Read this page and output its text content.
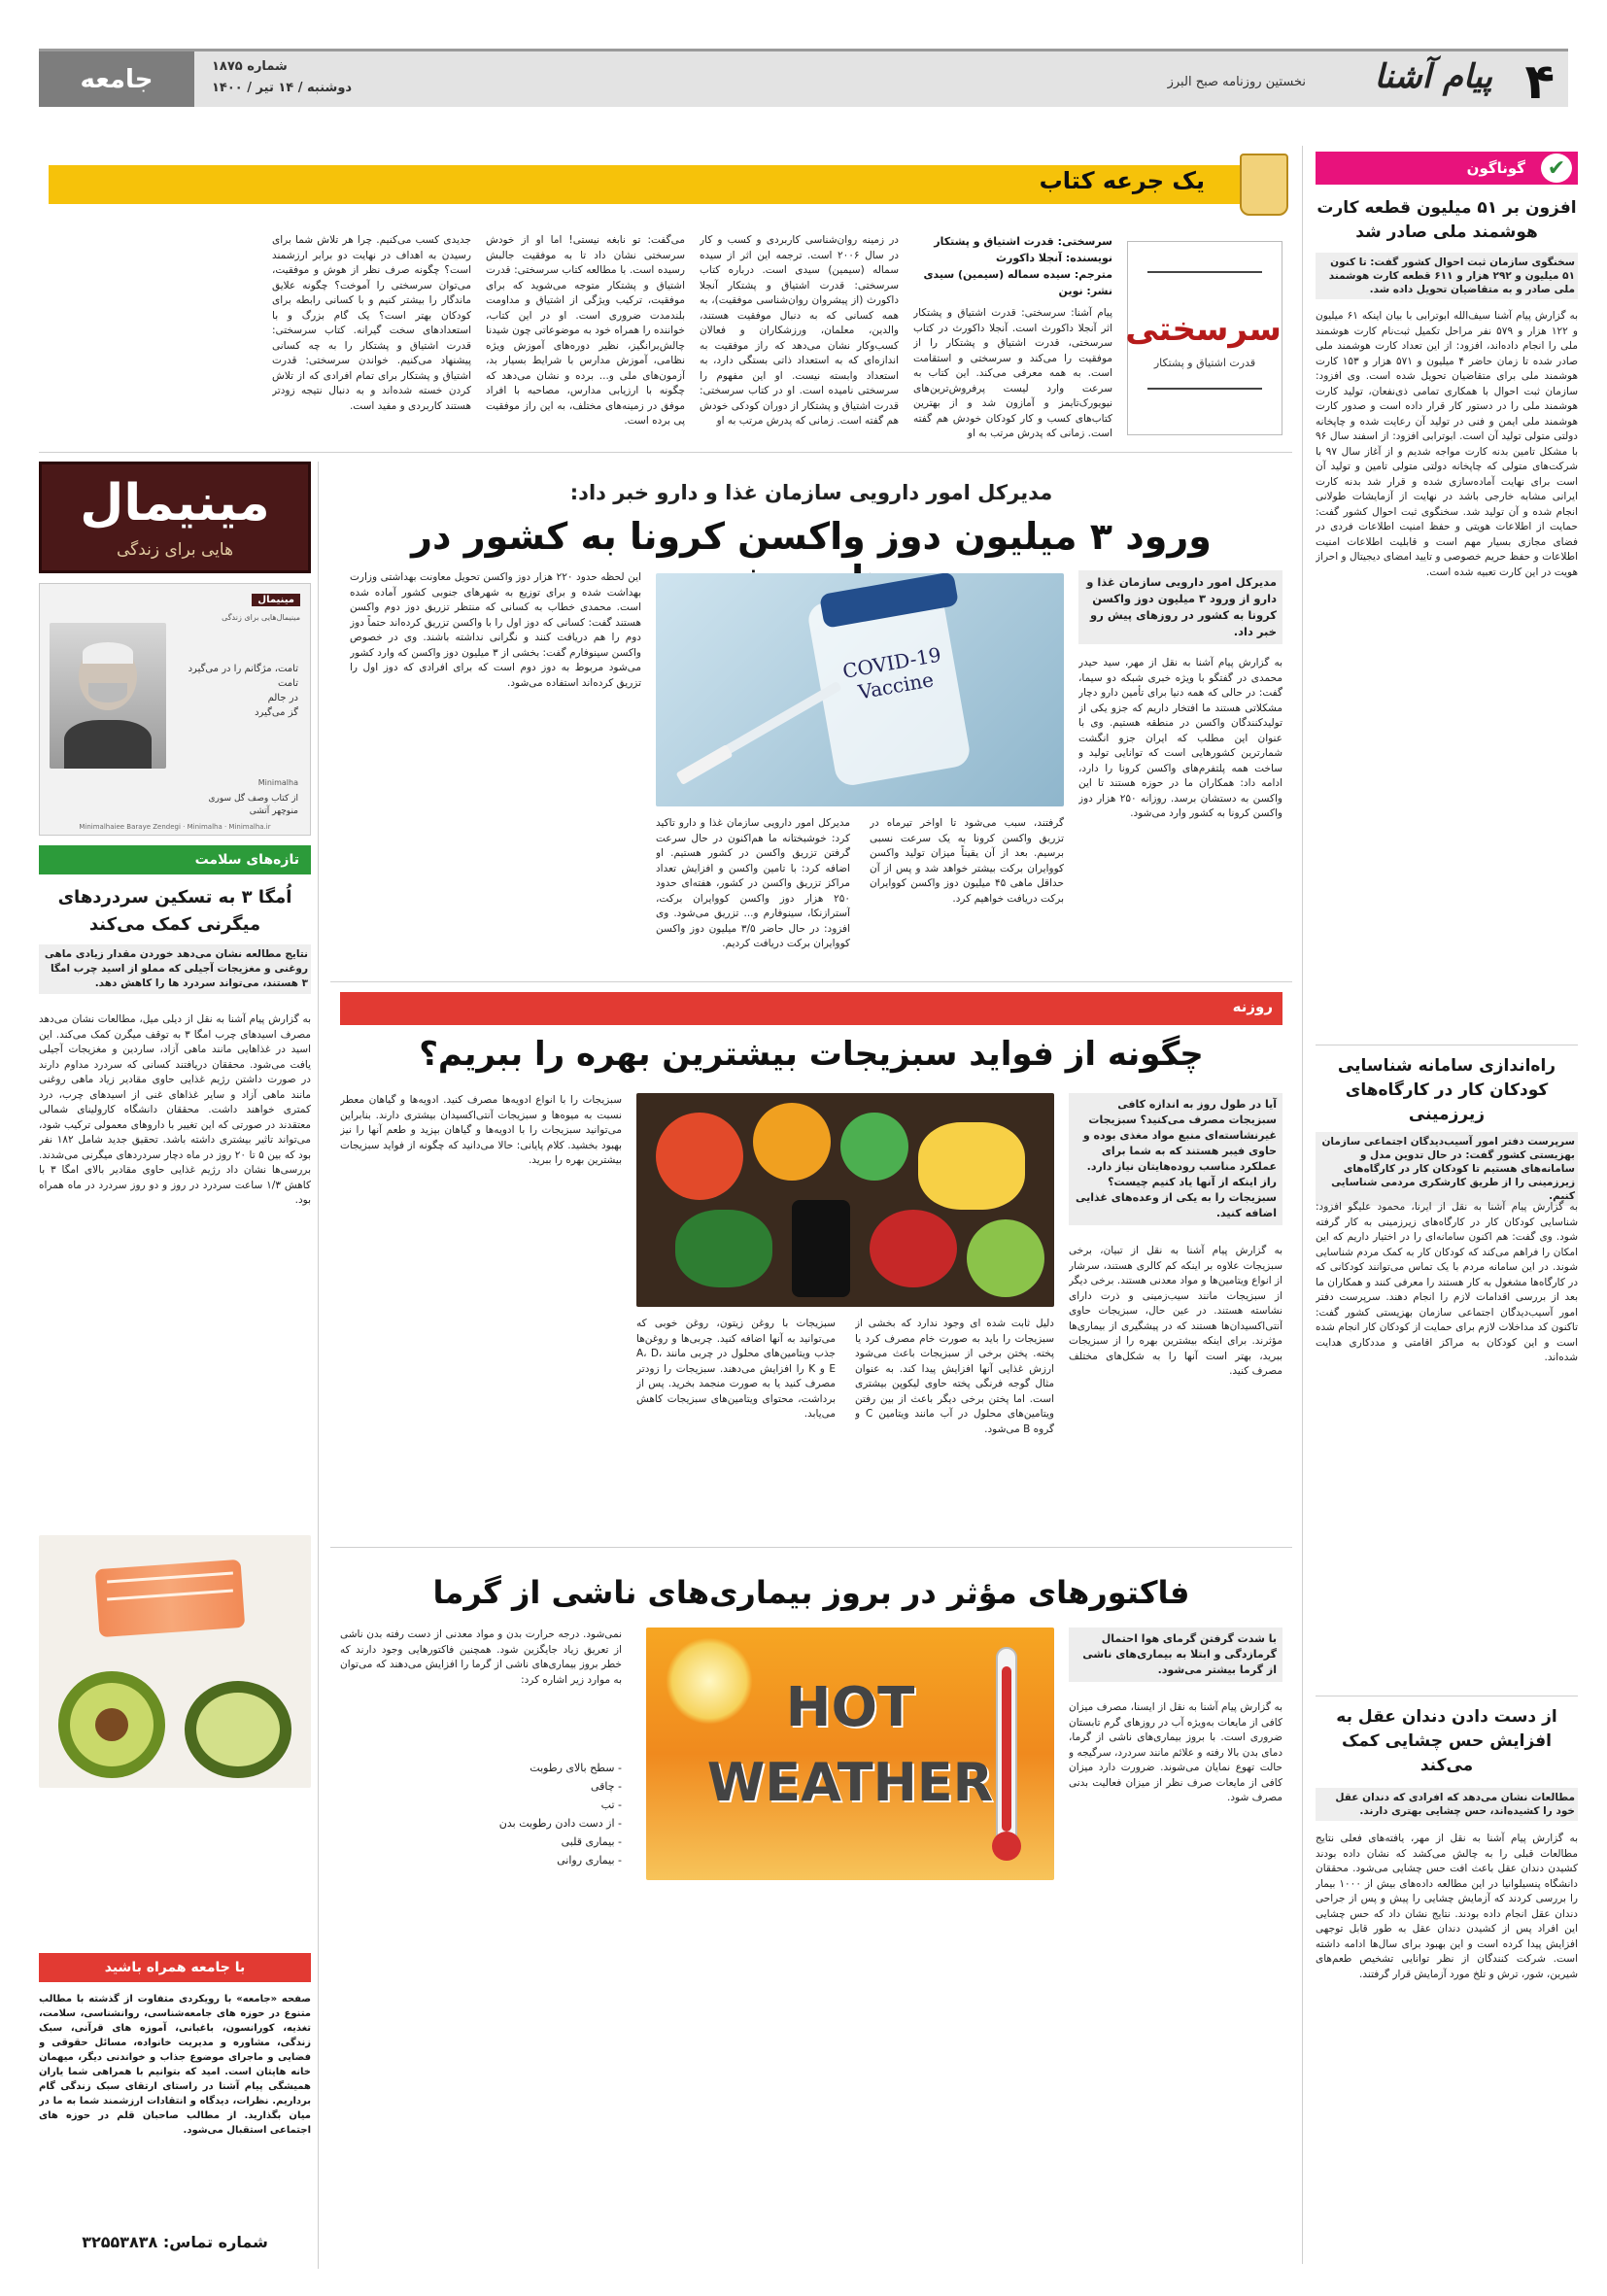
۴
پیام آشنا
نخستین روزنامه صبح البرز
شماره ۱۸۷۵
دوشنبه / ۱۴ تیر / ۱۴۰۰
جامعه
گوناگون	✔
افزون بر ۵۱ میلیون قطعه کارت هوشمند ملی صادر شد
سخنگوی سازمان ثبت احوال کشور گفت: تا کنون ۵۱ میلیون و ۲۹۲ هزار و ۶۱۱ قطعه کارت هوشمند ملی صادر و به متقاضیان تحویل داده شد.
به گزارش پیام آشنا سیف‌الله ابوترابی با بیان اینکه ۶۱ میلیون و ۱۲۲ هزار و ۵۷۹ نفر مراحل تکمیل ثبت‌نام کارت هوشمند ملی را انجام داده‌اند، افزود: از این تعداد کارت هوشمند ملی صادر شده تا زمان حاضر ۴ میلیون و ۵۷۱ هزار و ۱۵۳ کارت هوشمند ملی برای متقاضیان تحویل شده است. وی افزود: سازمان ثبت احوال با همکاری تمامی ذی‌نفعان، تولید کارت هوشمند ملی را در دستور کار قرار داده است و صدور کارت هوشمند ملی ایمن و فنی در تولید آن رعایت شده و چاپخانه دولتی متولی تولید آن است. ابوترابی افزود: از اسفند سال ۹۶ با مشکل تامین بدنه کارت مواجه شدیم و از آغاز سال ۹۷ با شرکت‌های متولی که چاپخانه دولتی متولی تامین و تولید آن است برای نهایت آماده‌سازی شده و قرار شد بدنه کارت ایرانی مشابه خارجی باشد در نهایت از آزمایشات طولانی انجام شده و آن تولید شد. سخنگوی ثبت احوال کشور گفت: حمایت از اطلاعات هویتی و حفظ امنیت اطلاعات فردی در فضای مجازی بسیار مهم است و قابلیت اطلاعات امنیت اطلاعات و حفظ حریم خصوصی و تایید امضای دیجیتال و احراز هویت در این کارت تعبیه شده است.
راه‌اندازی سامانه شناسایی کودکان کار در کارگاه‌های زیرزمینی
سرپرست دفتر امور آسیب‌دیدگان اجتماعی سازمان بهزیستی کشور گفت: در حال تدوین مدل و سامانه‌های هستیم تا کودکان کار در کارگاه‌های زیرزمینی را از طریق کارشکری مردمی شناسایی کنیم.
به گزارش پیام آشنا به نقل از ایرنا، محمود علیگو افزود: شناسایی کودکان کار در کارگاه‌های زیرزمینی به کار گرفته شود. وی گفت: هم اکنون سامانه‌ای را در اختیار داریم که این امکان را فراهم می‌کند که کودکان کار به کمک مردم شناسایی شوند. در این سامانه مردم با یک تماس می‌توانند کودکانی که در کارگاه‌ها مشغول به کار هستند را معرفی کنند و همکاران ما بعد از بررسی اقدامات لازم را انجام دهند. سرپرست دفتر امور آسیب‌دیدگان اجتماعی سازمان بهزیستی کشور گفت: تاکنون کد مداخلات لازم برای حمایت از کودکان کار انجام شده است و این کودکان به مراکز اقامتی و مددکاری هدایت شده‌اند.
از دست دادن دندان عقل به افزایش حس چشایی کمک می‌کند
مطالعات نشان می‌دهد که افرادی که دندان عقل خود را کشیده‌اند، حس چشایی بهتری دارند.
به گزارش پیام آشنا به نقل از مهر، یافته‌های فعلی نتایج مطالعات قبلی را به چالش می‌کشد که نشان داده بودند کشیدن دندان عقل باعث افت حس چشایی می‌شود. محققان دانشگاه پنسیلوانیا در این مطالعه داده‌های بیش از ۱۰۰۰ بیمار را بررسی کردند که آزمایش چشایی را پیش و پس از جراحی دندان عقل انجام داده بودند. نتایج نشان داد که حس چشایی این افراد پس از کشیدن دندان عقل به طور قابل توجهی افزایش پیدا کرده است و این بهبود برای سال‌ها ادامه داشته است. شرکت کنندگان از نظر توانایی تشخیص طعم‌های شیرین، شور، ترش و تلخ مورد آزمایش قرار گرفتند.
یک جرعه کتاب
سرسختی
قدرت اشتیاق و پشتکار
سرسختی: قدرت اشتیاق و پشتکار
نویسنده: آنجلا داکورث
مترجم: سیده سماله (سیمین) سیدی
نشر: نوین
پیام آشنا: سرسختی: قدرت اشتیاق و پشتکار اثر آنجلا داکورث است. آنجلا داکورث در کتاب سرسختی، قدرت اشتیاق و پشتکار را از موفقیت را می‌کند و سرسختی و استقامت است. به همه معرفی می‌کند. این کتاب به سرعت وارد لیست پرفروش‌ترین‌های نیویورک‌تایمز و آمازون شد و از بهترین کتاب‌های کسب و کار کودکان خودش هم گفته است. زمانی که پدرش مرتب به او
در زمینه روان‌شناسی کاربردی و کسب و کار در سال ۲۰۰۶ است. ترجمه این اثر از سیده سماله (سیمین) سیدی است. درباره کتاب سرسختی: قدرت اشتیاق و پشتکار آنجلا داکورث (از پیشروان روان‌شناسی موفقیت)، به همه کسانی که به دنبال موفقیت هستند، والدین، معلمان، ورزشکاران و فعالان کسب‌وکار نشان می‌دهد که راز موفقیت به اندازه‌ای که به استعداد ذاتی بستگی دارد، به استعداد وابسته نیست. او این مفهوم را سرسختی نامیده است. او در کتاب سرسختی: قدرت اشتیاق و پشتکار از دوران کودکی خودش هم گفته است. زمانی که پدرش مرتب به او
می‌گفت: تو نابغه نیستی! اما او از خودش سرسختی نشان داد تا به موفقیت جالبش رسیده است. با مطالعه کتاب سرسختی: قدرت اشتیاق و پشتکار متوجه می‌شوید که برای موفقیت، ترکیب ویژگی از اشتیاق و مداومت بلندمدت ضروری است. او در این کتاب، خواننده را همراه خود به موضوعاتی چون شیدنا چالش‌برانگیز، نظیر دوره‌های آموزش ویژه نظامی، آموزش مدارس با شرایط بسیار بد، آزمون‌های ملی و... برده و نشان می‌دهد که چگونه با ارزیابی مدارس، مصاحبه با افراد موفق در زمینه‌های مختلف، به این راز موفقیت پی برده است.
جدیدی کسب می‌کنیم. چرا هر تلاش شما برای رسیدن به اهداف در نهایت دو برابر ارزشمند است؟ چگونه صرف نظر از هوش و موفقیت، می‌توان سرسختی را آموخت؟ چگونه علایق ماندگار را بیشتر کنیم و با کسانی رابطه برای کودکان بهتر است؟ یک گام بزرگ و با استعدادهای سخت گیرانه. کتاب سرسختی: قدرت اشتیاق و پشتکار را به چه کسانی پیشنهاد می‌کنیم. خواندن سرسختی: قدرت اشتیاق و پشتکار برای تمام افرادی که از تلاش کردن خسته شده‌اند و به دنبال نتیجه زودتر هستند کاربردی و مفید است.
مینیمال
هایی برای زندگی
مینیمال
مینیمال‌هایی برای زندگی
تامت، مژگانم را در می‌گیرد
تامت
در جالم
گز می‌گیرد
Minimalha
از کتاب وصف گل سوری
منوچهر آتشی
Minimalhaiee Baraye Zendegi · Minimalha · Minimalha.ir
تازه‌های سلامت
اُمگا ۳ به تسکین سردردهای میگرنی کمک می‌کند
نتایج مطالعه نشان می‌دهد خوردن مقدار زیادی ماهی روغنی و مغزیجات آجیلی که مملو از اسید چرب امگا ۳ هستند، می‌تواند سردرد ها را کاهش دهد.
به گزارش پیام آشنا به نقل از دیلی میل، مطالعات نشان می‌دهد مصرف اسیدهای چرب امگا ۳ به توقف میگرن کمک می‌کند. این اسید در غذاهایی مانند ماهی آزاد، ساردین و مغزیجات آجیلی یافت می‌شود. محققان دریافتند کسانی که سردرد مداوم دارند در صورت داشتن رژیم غذایی حاوی مقادیر زیاد ماهی روغنی مانند ماهی آزاد و سایر غذاهای غنی از اسیدهای چرب، درد کمتری خواهند داشت. محققان دانشگاه کارولینای شمالی معتقدند در صورتی که این تغییر با داروهای معمولی ترکیب شود، می‌تواند تاثیر بیشتری داشته باشد. تحقیق جدید شامل ۱۸۲ نفر بود که بین ۵ تا ۲۰ روز در ماه دچار سردردهای میگرنی می‌شدند. بررسی‌ها نشان داد رژیم غذایی حاوی مقادیر بالای امگا ۳ با کاهش ۱/۳ ساعت سردرد در روز و دو روز سردرد در ماه همراه بود.
با جامعه همراه باشید
صفحه «جامعه» با رویکردی متفاوت از گذشته با مطالب متنوع در حوزه های جامعه‌شناسی، روانشناسی، سلامت، تغذیه، کورانسون، باغبانی، آموزه های قرآنی، سبک زندگی، مشاوره و مدیریت خانواده، مسائل حقوقی و فضایی و ماجرای موضوع جذاب و خواندنی دیگر، میهمان خانه هایتان است. امید که بتوانیم با همراهی شما یاران همیشگی پیام آشنا در راستای ارتقای سبک زندگی گام برداریم. نظرات، دیدگاه و انتقادات ارزشمند شما به ما در میان بگذارید. از مطالب صاحبان قلم در حوزه های اجتماعی استقبال می‌شود.
شماره تماس: ۳۲۵۵۳۸۳۸
مدیرکل امور دارویی سازمان غذا و دارو خبر داد:
ورود ۳ میلیون دوز واکسن کرونا به کشور در
مدیرکل امور دارویی سازمان غذا و دارو از ورود ۳ میلیون دوز واکسن کرونا به کشور در روزهای پیش رو خبر داد.
به گزارش پیام آشنا به نقل از مهر، سید حیدر محمدی در گفتگو با ویژه خبری شبکه دو سیما، گفت: در حالی که همه دنیا برای تأمین دارو دچار مشکلاتی هستند ما افتخار داریم که جزو یکی از تولیدکنندگان واکسن در منطقه هستیم. وی با عنوان این مطلب که ایران جزو انگشت شمارترین کشورهایی است که توانایی تولید و ساخت همه پلتفرم‌های واکسن کرونا را دارد، ادامه داد: همکاران ما در حوزه هستند تا این واکسن به دستشان برسد. روزانه ۲۵۰ هزار دوز واکسن کرونا به کشور وارد می‌شود.
COVID-19 Vaccine
گرفتند، سبب می‌شود تا اواخر تیرماه در تزریق واکسن کرونا به یک سرعت نسبی برسیم. بعد از آن یقیناً میزان تولید واکسن کووایران برکت بیشتر خواهد شد و پس از آن حداقل ماهی ۴۵ میلیون دوز واکسن کووایران برکت دریافت خواهیم کرد.
مدیرکل امور دارویی سازمان غذا و دارو تاکید کرد: خوشبختانه ما هم‌اکنون در حال سرعت گرفتن تزریق واکسن در کشور هستیم. او اضافه کرد: با تامین واکسن و افزایش تعداد مراکز تزریق واکسن در کشور، هفته‌ای حدود ۲۵۰ هزار دوز واکسن کووایران برکت، آسترازنکا، سینوفارم و... تزریق می‌شود. وی افزود: در حال حاضر ۳/۵ میلیون دوز واکسن کووایران برکت دریافت کردیم.
این لحظه حدود ۲۲۰ هزار دوز واکسن تحویل معاونت بهداشتی وزارت بهداشت شده و برای توزیع به شهرهای جنوبی کشور آماده شده است. محمدی خطاب به کسانی که منتظر تزریق دوز دوم واکسن هستند گفت: کسانی که دوز اول را با واکسن تزریق کرده‌اند حتماً دوز دوم را هم دریافت کنند و نگرانی نداشته باشند. وی در خصوص واکسن سینوفارم گفت: بخشی از ۳ میلیون دوز واکسن که وارد کشور می‌شود مربوط به دوز دوم است که برای افرادی که دوز اول را تزریق کرده‌اند استفاده می‌شود.
روزنه
چگونه از فواید سبزیجات بیشترین بهره را ببریم؟
آیا در طول روز به اندازه کافی سبزیجات مصرف می‌کنید؟ سبزیجات غیرنشاسته‌ای منبع مواد مغذی بوده و حاوی فیبر هستند که به شما برای عملکرد مناسب روده‌هایتان نیاز دارد. راز اینکه از آنها یاد کنیم چیست؟ سبزیجات را به یکی از وعده‌های غذایی اضافه کنید.
به گزارش پیام آشنا به نقل از تبیان، برخی سبزیجات علاوه بر اینکه کم کالری هستند، سرشار از انواع ویتامین‌ها و مواد معدنی هستند. برخی دیگر از سبزیجات مانند سیب‌زمینی و ذرت دارای نشاسته هستند. در عین حال، سبزیجات حاوی آنتی‌اکسیدان‌ها هستند که در پیشگیری از بیماری‌ها مؤثرند. برای اینکه بیشترین بهره را از سبزیجات ببرید، بهتر است آنها را به شکل‌های مختلف مصرف کنید.
دلیل ثابت شده ای وجود ندارد که بخشی از سبزیجات را باید به صورت خام مصرف کرد یا پخته. پختن برخی از سبزیجات باعث می‌شود ارزش غذایی آنها افزایش پیدا کند. به عنوان مثال گوجه فرنگی پخته حاوی لیکوپن بیشتری است. اما پختن برخی دیگر باعث از بین رفتن ویتامین‌های محلول در آب مانند ویتامین C و گروه B می‌شود.
سبزیجات با روغن زیتون، روغن خوبی که می‌توانید به آنها اضافه کنید. چربی‌ها و روغن‌ها جذب ویتامین‌های محلول در چربی مانند A، D، E و K را افزایش می‌دهند. سبزیجات را زودتر مصرف کنید یا به صورت منجمد بخرید. پس از برداشت، محتوای ویتامین‌های سبزیجات کاهش می‌یابد.
سبزیجات را با انواع ادویه‌ها مصرف کنید. ادویه‌ها و گیاهان معطر نسبت به میوه‌ها و سبزیجات آنتی‌اکسیدان بیشتری دارند. بنابراین می‌توانید سبزیجات را با ادویه‌ها و گیاهان بپزید و طعم آنها را نیز بهبود بخشید. کلام پایانی: حالا می‌دانید که چگونه از فواید سبزیجات بیشترین بهره را ببرید.
فاکتورهای مؤثر در بروز بیماری‌های ناشی از گرما
با شدت گرفتن گرمای هوا احتمال گرمازدگی و ابتلا به بیماری‌های ناشی از گرما بیشتر می‌شود.
به گزارش پیام آشنا به نقل از ایسنا، مصرف میزان کافی از مایعات به‌ویژه آب در روزهای گرم تابستان ضروری است. با بروز بیماری‌های ناشی از گرما، دمای بدن بالا رفته و علائم مانند سردرد، سرگیجه و حالت تهوع نمایان می‌شوند. ضرورت دارد میزان کافی از مایعات صرف نظر از میزان فعالیت بدنی مصرف شود.
HOT
WEATHER
نمی‌شود. درجه حرارت بدن و مواد معدنی از دست رفته بدن ناشی از تعریق زیاد جایگزین شود. همچنین فاکتورهایی وجود دارند که خطر بروز بیماری‌های ناشی از گرما را افزایش می‌دهند که می‌توان به موارد زیر اشاره کرد:
- سطح بالای رطوبت
- چاقی
- تب
- از دست دادن رطوبت بدن
- بیماری قلبی
- بیماری روانی
